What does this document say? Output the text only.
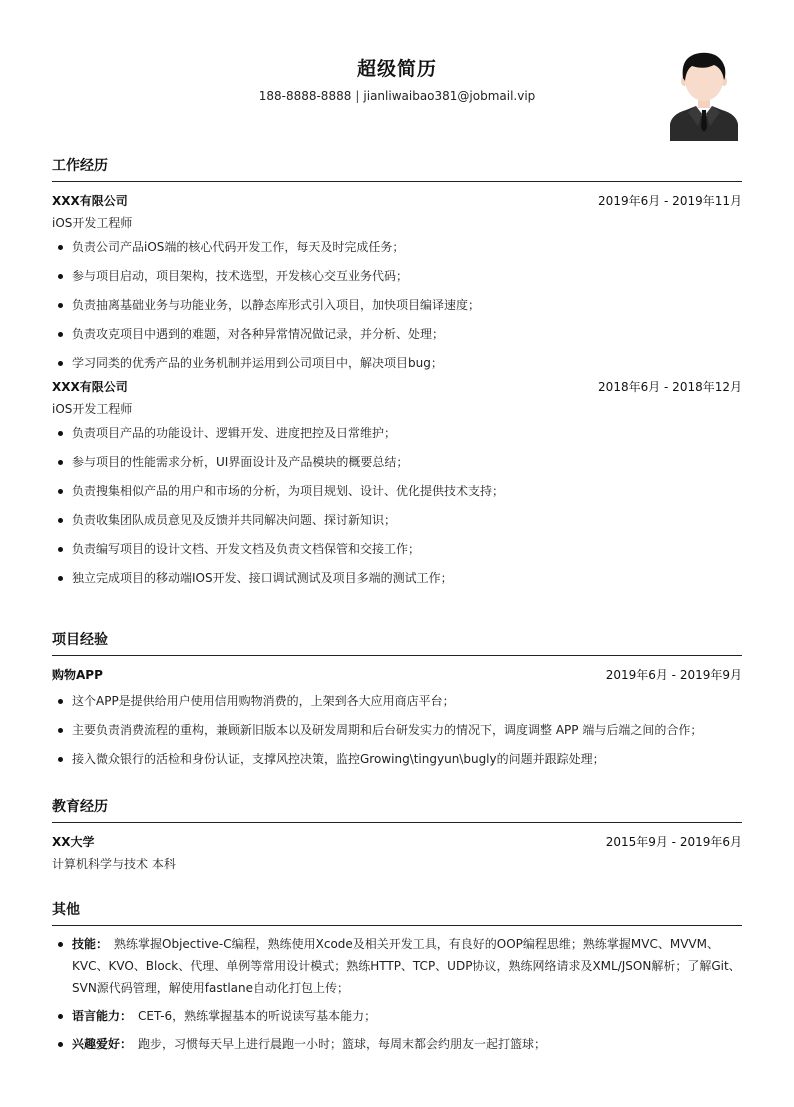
超级简历
188-8888-8888 | jianliwaibao381@jobmail.vip
工作经历
XXX有限公司	2019年6月 - 2019年11月
iOS开发工程师
负责公司产品iOS端的核心代码开发工作，每天及时完成任务；
参与项目启动，项目架构，技术选型，开发核心交互业务代码；
负责抽离基础业务与功能业务，以静态库形式引入项目，加快项目编译速度；
负责攻克项目中遇到的难题，对各种异常情况做记录，并分析、处理；
学习同类的优秀产品的业务机制并运用到公司项目中，解决项目bug；
XXX有限公司	2018年6月 - 2018年12月
iOS开发工程师
负责项目产品的功能设计、逻辑开发、进度把控及日常维护；
参与项目的性能需求分析，UI界面设计及产品模块的概要总结；
负责搜集相似产品的用户和市场的分析，为项目规划、设计、优化提供技术支持；
负责收集团队成员意见及反馈并共同解决问题、探讨新知识；
负责编写项目的设计文档、开发文档及负责文档保管和交接工作；
独立完成项目的移动端IOS开发、接口调试测试及项目多端的测试工作；
项目经验
购物APP	2019年6月 - 2019年9月
这个APP是提供给用户使用信用购物消费的，上架到各大应用商店平台；
主要负责消费流程的重构，兼顾新旧版本以及研发周期和后台研发实力的情况下，调度调整 APP 端与后端之间的合作；
接入微众银行的活检和身份认证，支撑风控决策，监控Growing\tingyun\bugly的问题并跟踪处理；
教育经历
XX大学	2015年9月 - 2019年6月
计算机科学与技术 本科
其他
技能： 熟练掌握Objective-C编程，熟练使用Xcode及相关开发工具，有良好的OOP编程思维；熟练掌握MVC、MVVM、KVC、KVO、Block、代理、单例等常用设计模式；熟练HTTP、TCP、UDP协议，熟练网络请求及XML/JSON解析；了解Git、SVN源代码管理，解使用fastlane自动化打包上传；
语言能力： CET-6，熟练掌握基本的听说读写基本能力；
兴趣爱好： 跑步，习惯每天早上进行晨跑一小时；篮球，每周末都会约朋友一起打篮球；
